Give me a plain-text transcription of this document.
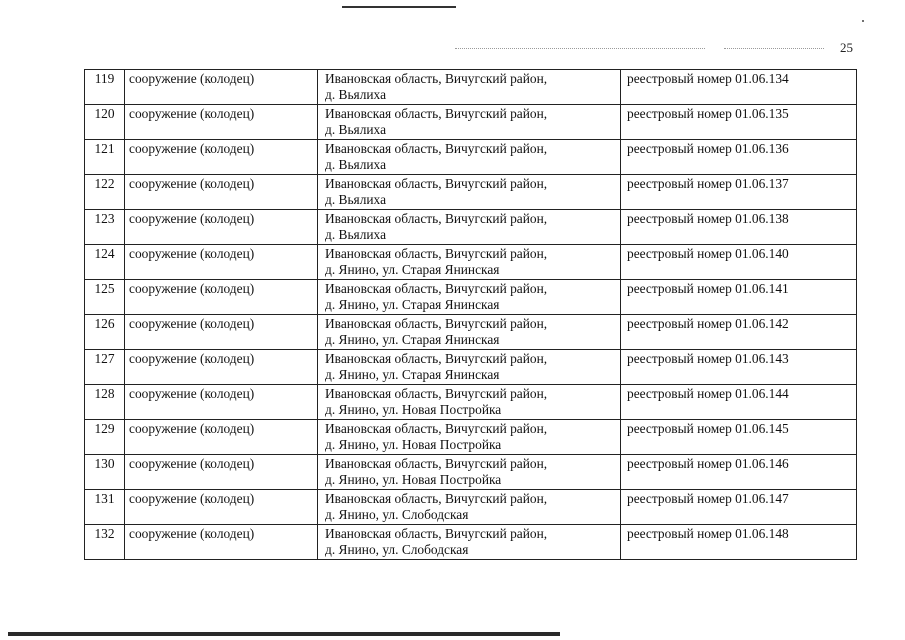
25
119	сооружение (колодец)	Ивановская область, Вичугский район,
д. Вьялиха	реестровый номер 01.06.134
120	сооружение (колодец)	Ивановская область, Вичугский район,
д. Вьялиха	реестровый номер 01.06.135
121	сооружение (колодец)	Ивановская область, Вичугский район,
д. Вьялиха	реестровый номер 01.06.136
122	сооружение (колодец)	Ивановская область, Вичугский район,
д. Вьялиха	реестровый номер 01.06.137
123	сооружение (колодец)	Ивановская область, Вичугский район,
д. Вьялиха	реестровый номер 01.06.138
124	сооружение (колодец)	Ивановская область, Вичугский район,
д. Янино, ул. Старая Янинская	реестровый номер 01.06.140
125	сооружение (колодец)	Ивановская область, Вичугский район,
д. Янино, ул. Старая Янинская	реестровый номер 01.06.141
126	сооружение (колодец)	Ивановская область, Вичугский район,
д. Янино, ул. Старая Янинская	реестровый номер 01.06.142
127	сооружение (колодец)	Ивановская область, Вичугский район,
д. Янино, ул. Старая Янинская	реестровый номер 01.06.143
128	сооружение (колодец)	Ивановская область, Вичугский район,
д. Янино, ул. Новая Постройка	реестровый номер 01.06.144
129	сооружение (колодец)	Ивановская область, Вичугский район,
д. Янино, ул. Новая Постройка	реестровый номер 01.06.145
130	сооружение (колодец)	Ивановская область, Вичугский район,
д. Янино, ул. Новая Постройка	реестровый номер 01.06.146
131	сооружение (колодец)	Ивановская область, Вичугский район,
д. Янино, ул. Слободская	реестровый номер 01.06.147
132	сооружение (колодец)	Ивановская область, Вичугский район,
д. Янино, ул. Слободская	реестровый номер 01.06.148
